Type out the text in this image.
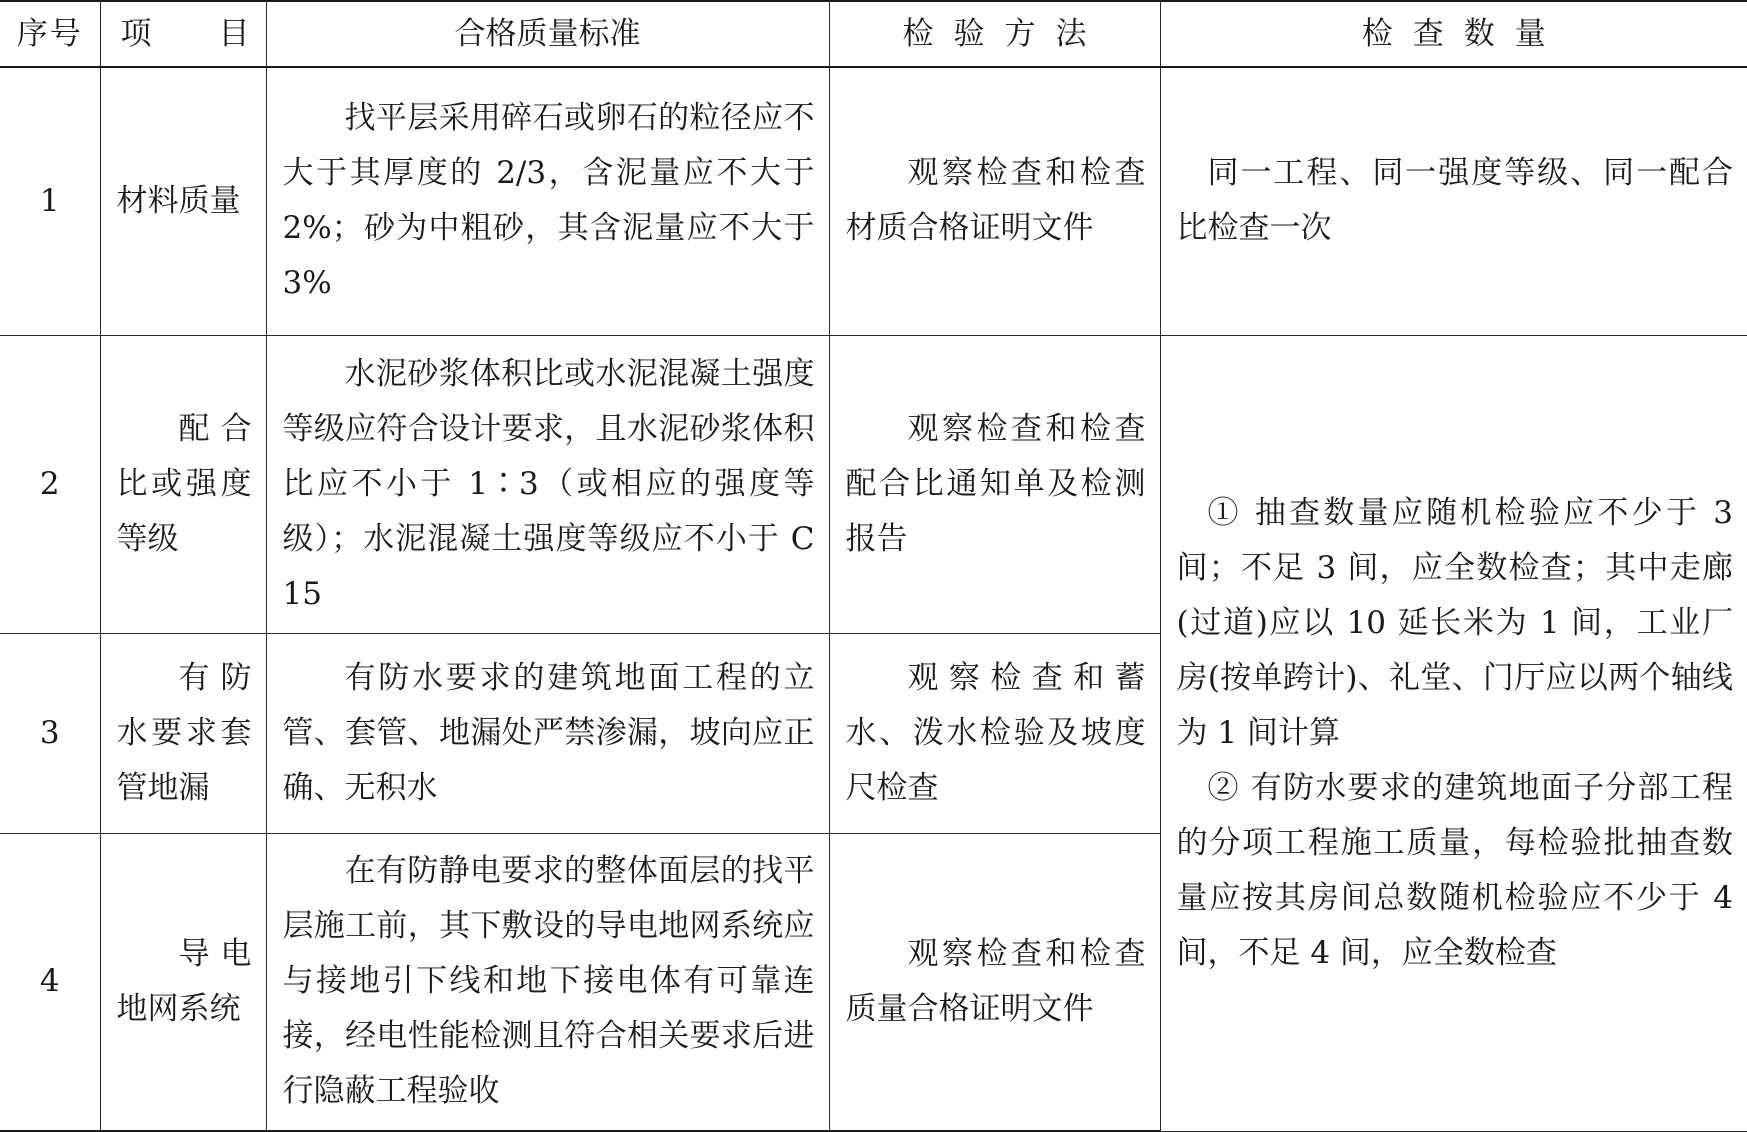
序号	项 目	合格质量标准	检验方法	检查数量
1	材料质量	找平层采用碎石或卵石的粒径应不大于其厚度的 2/3，含泥量应不大于 2%；砂为中粗砂，其含泥量应不大于 3%	观察检查和检查材质合格证明文件	同一工程、同一强度等级、同一配合比检查一次

2	配合比或强度等级	水泥砂浆体积比或水泥混凝土强度等级应符合设计要求，且水泥砂浆体积比应不小于 1∶3（或相应的强度等级）；水泥混凝土强度等级应不小于 C15	观察检查和检查配合比通知单及检测报告	① 抽查数量应随机检验应不少于 3 间；不足 3 间，应全数检查；其中走廊(过道)应以 10 延长米为 1 间，工业厂房(按单跨计)、礼堂、门厅应以两个轴线为 1 间计算

② 有防水要求的建筑地面子分部工程的分项工程施工质量，每检验批抽查数量应按其房间总数随机检验应不少于 4 间，不足 4 间，应全数检查

3	有防水要求套管地漏	有防水要求的建筑地面工程的立管、套管、地漏处严禁渗漏，坡向应正确、无积水	观察检查和蓄水、泼水检验及坡度尺检查	

4	导电地网系统	在有防静电要求的整体面层的找平层施工前，其下敷设的导电地网系统应与接地引下线和地下接电体有可靠连接，经电性能检测且符合相关要求后进行隐蔽工程验收	观察检查和检查质量合格证明文件	
